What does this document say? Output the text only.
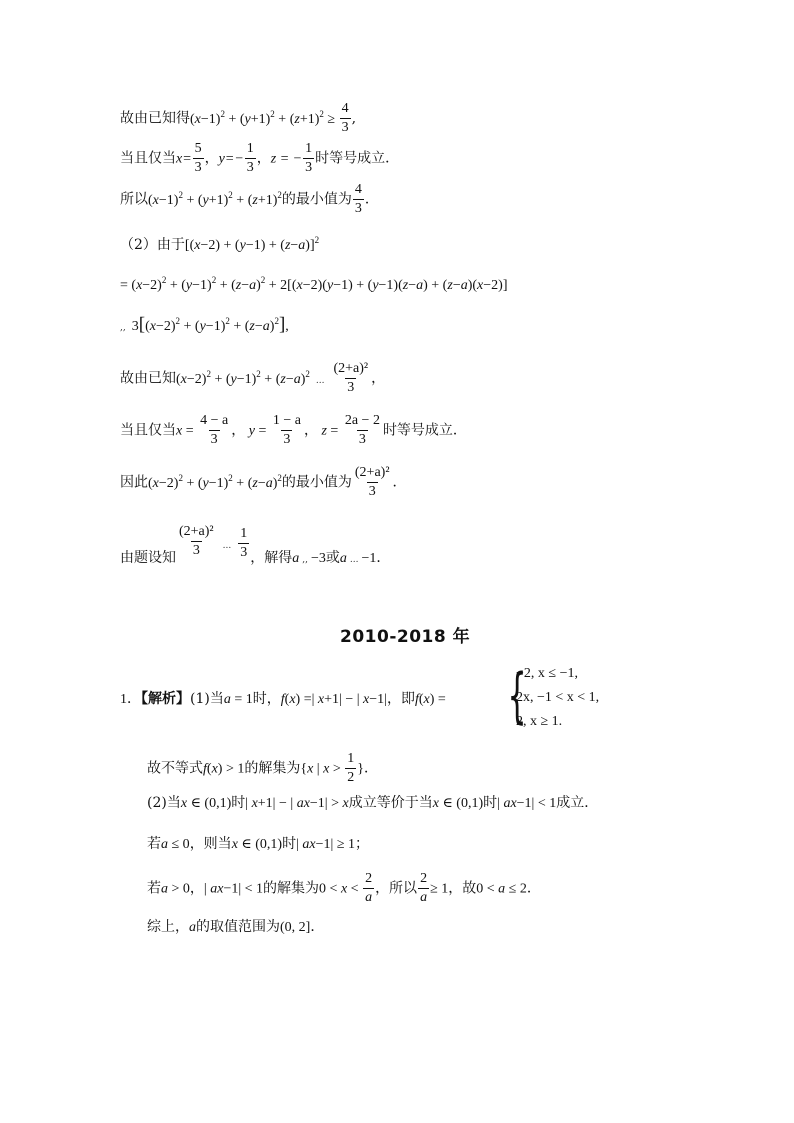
故由已知得$(x-1)^2 + (y+1)^2 + (z+1)^2 \ge \frac{4}{3}$ ,
当且仅当$x= \frac{5}{3}$ ，$y=- \frac{1}{3}$ ，z = − $\frac{1}{3}$ 时等号成立．
所以$(x-1)^2 + (y+1)^2 + (z+1)^2$的最小值为 $\frac{4}{3}$ ．
（2）由于$[(x-2) + (y-1) + (z-a)]^2$
= $(x-2)^2 + (y-1)^2 + (z-a)^2 + 2[(x-2)(y-1) + (y-1)(z-a) + (z-a)(x-2)]$
,, $3[(x-2)^2 + (y-1)^2 + (z-a)^2]$,
故由已知$(x-2)^2 + (y-1)^2 + (z-a)^2$... $\frac{\text{(2+a)²}}{3}$ ，
当且仅当$x = \frac{4 - a}{3}$ ， $y = \frac{1 - a}{3}$ ， $z = \frac{2a - 2}{3}$ 时等号成立．
因此$(x-2)^2 + (y-1)^2 + (z-a)^2$的最小值为 $\frac{\text{(2+a)²}}{3}$ ．
由题设知 $\frac{\text{(2+a)²}}{3}$ ... $\frac{1}{3}$ ，解得a $_{,,}$ −3或a $_{...}$ −1．
2010-2018 年
1．【解析】(1)当a = 1时，f(x) =| x+1| − | x−1|，即f(x) = {
−2, x ≤ −1,
2x, −1 < x < 1,
2, x ≥ 1.
故不等式f(x) > 1的解集为{x | $x > \frac{1}{2}$ }．
(2)当x ∈ (0,1)时| x+1| − | ax−1| > x成立等价于当x ∈ (0,1)时| ax−1| < 1成立．
若a ≤ 0，则当x ∈ (0,1)时| ax−1| ≥ 1；
若a > 0，| ax−1| < 1的解集为$0 < x < \frac{2}{a}$ ，所以 $\frac{2}{a} \ge 1$，故0 < a ≤ 2．
综上，a的取值范围为(0, 2]．
